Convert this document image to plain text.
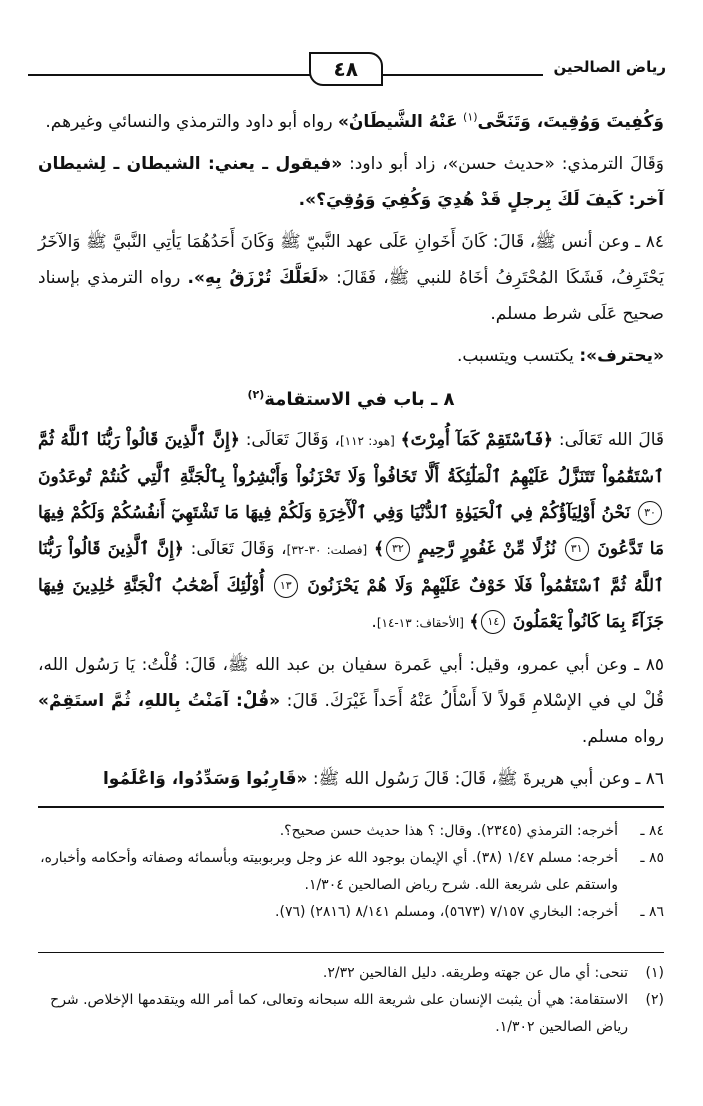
رياض الصالحين
٤٨

وَكُفِيتَ وَوُقِيتَ، وَتَنَحَّى$^{(١)}$ عَنْهُ الشَّيطَانُ» رواه أبو داود والترمذي والنسائي وغيرهم.

وَقَالَ الترمذي: «حديث حسن»، زاد أبو داود: «فيقول ـ يعني: الشيطان ـ لِشيطان آخر: كَيفَ لَكَ بِرجلٍ قَدْ هُدِيَ وَكُفِيَ وَوُقِيَ؟».

٨٤ ـ وعن أنس ﷺ، قَالَ: كَانَ أَخَوانِ عَلَى عهد النَّبيّ ﷺ وَكَانَ أَحَدُهُمَا يَأتِي النَّبيَّ ﷺ وَالآخَرُ يَحْتَرِفُ، فَشَكَا المُحْتَرِفُ أخَاهُ للنبي ﷺ، فَقَالَ: «لَعَلَّكَ تُرْزَقُ بِهِ». رواه الترمذي بإسناد صحيح عَلَى شرط مسلم.

«يحترف»: يكتسب ويتسبب.

٨ ـ باب في الاستقامة$^{(٢)}$

قَالَ الله تَعَالَى: ﴿فَٱسْتَقِمْ كَمَآ أُمِرْتَ﴾ [هود: ١١٢]، وَقَالَ تَعَالَى: ﴿إِنَّ ٱلَّذِينَ قَالُواْ رَبُّنَا ٱللَّهُ ثُمَّ ٱسْتَقَٰمُواْ تَتَنَزَّلُ عَلَيْهِمُ ٱلْمَلَٰٓئِكَةُ أَلَّا تَخَافُواْ وَلَا تَحْزَنُواْ وَأَبْشِرُواْ بِٱلْجَنَّةِ ٱلَّتِي كُنتُمْ تُوعَدُونَ ٣٠ نَحْنُ أَوْلِيَآؤُكُمْ فِي ٱلْحَيَوٰةِ ٱلدُّنْيَا وَفِي ٱلْأٓخِرَةِ وَلَكُمْ فِيهَا مَا تَشْتَهِيٓ أَنفُسُكُمْ وَلَكُمْ فِيهَا مَا تَدَّعُونَ ٣١ نُزُلًا مِّنْ غَفُورٍ رَّحِيمٍ ٣٢﴾ [فصلت: ٣٠-٣٢]، وَقَالَ تَعَالَى: ﴿إِنَّ ٱلَّذِينَ قَالُواْ رَبُّنَا ٱللَّهُ ثُمَّ ٱسْتَقَٰمُواْ فَلَا خَوْفٌ عَلَيْهِمْ وَلَا هُمْ يَحْزَنُونَ ١٣ أُوْلَٰٓئِكَ أَصْحَٰبُ ٱلْجَنَّةِ خَٰلِدِينَ فِيهَا جَزَآءً بِمَا كَانُواْ يَعْمَلُونَ ١٤﴾ [الأحقاف: ١٣-١٤].

٨٥ ـ وعن أبي عمرو، وقيل: أبي عَمرة سفيان بن عبد الله ﷺ، قَالَ: قُلْتُ: يَا رَسُول الله، قُلْ لي في الإسْلامِ قَولاً لاَ أَسْأَلُ عَنْهُ أَحَداً غَيْرَكَ. قَالَ: «قُلْ: آمَنْتُ بِاللهِ، ثُمَّ استَقِمْ» رواه مسلم.

٨٦ ـ وعن أبي هريرةَ ﷺ، قَالَ: قَالَ رَسُول الله ﷺ: «قَارِبُوا وَسَدِّدُوا، وَاعْلَمُوا

٨٤ ـ
أخرجه: الترمذي (٢٣٤٥). وقال: ؟ هذا حديث حسن صحيح؟.
٨٥ ـ
أخرجه: مسلم ١/٤٧ (٣٨). أي الإيمان بوجود الله عز وجل وبربوبيته وبأسمائه وصفاته وأحكامه وأخباره، واستقم على شريعة الله. شرح رياض الصالحين ١/٣٠٤.
٨٦ ـ
أخرجه: البخاري ٧/١٥٧ (٥٦٧٣)، ومسلم ٨/١٤١ (٢٨١٦) (٧٦).
(١)
تنحى: أي مال عن جهته وطريقه. دليل الفالحين ٢/٣٢.
(٢)
الاستقامة: هي أن يثبت الإنسان على شريعة الله سبحانه وتعالى، كما أمر الله ويتقدمها الإخلاص. شرح رياض الصالحين ١/٣٠٢.
